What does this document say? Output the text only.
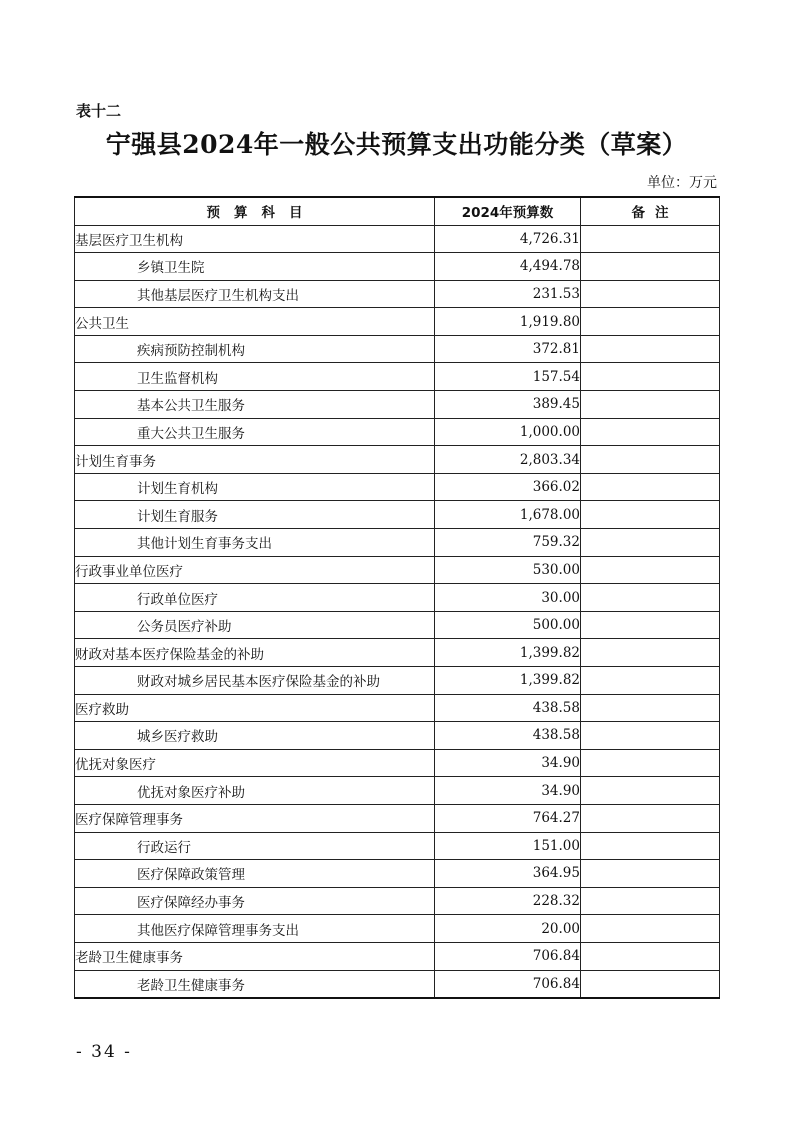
表十二
宁强县2024年一般公共预算支出功能分类（草案）
单位：万元
预算科目	2024年预算数	备注
基层医疗卫生机构	4,726.31	
乡镇卫生院	4,494.78	
其他基层医疗卫生机构支出	231.53	
公共卫生	1,919.80	
疾病预防控制机构	372.81	
卫生监督机构	157.54	
基本公共卫生服务	389.45	
重大公共卫生服务	1,000.00	
计划生育事务	2,803.34	
计划生育机构	366.02	
计划生育服务	1,678.00	
其他计划生育事务支出	759.32	
行政事业单位医疗	530.00	
行政单位医疗	30.00	
公务员医疗补助	500.00	
财政对基本医疗保险基金的补助	1,399.82	
财政对城乡居民基本医疗保险基金的补助	1,399.82	
医疗救助	438.58	
城乡医疗救助	438.58	
优抚对象医疗	34.90	
优抚对象医疗补助	34.90	
医疗保障管理事务	764.27	
行政运行	151.00	
医疗保障政策管理	364.95	
医疗保障经办事务	228.32	
其他医疗保障管理事务支出	20.00	
老龄卫生健康事务	706.84	
老龄卫生健康事务	706.84	
- 34 -
